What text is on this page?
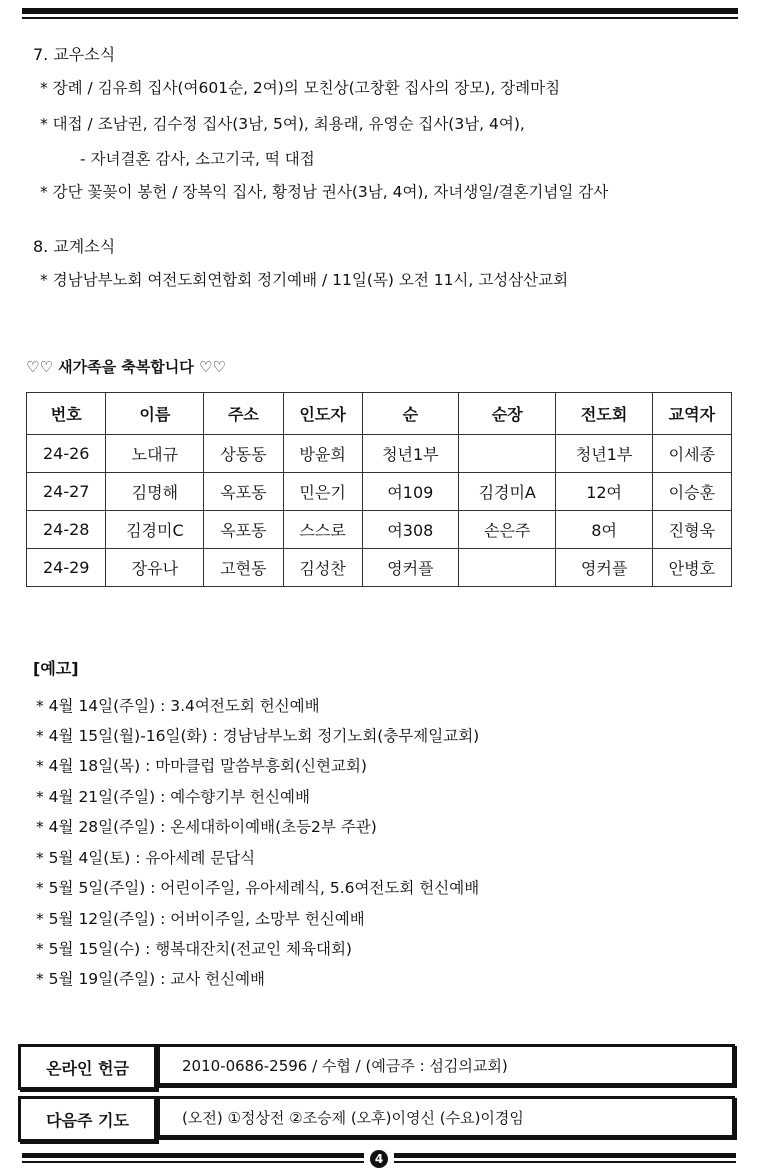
7. 교우소식
* 장례 / 김유희 집사(여601순, 2여)의 모친상(고창환 집사의 장모), 장례마침
* 대접 / 조남권, 김수정 집사(3남, 5여), 최용래, 유영순 집사(3남, 4여),
- 자녀결혼 감사, 소고기국, 떡 대접
* 강단 꽃꽂이 봉헌 / 장복익 집사, 황정남 권사(3남, 4여), 자녀생일/결혼기념일 감사
8. 교계소식
* 경남남부노회 여전도회연합회 정기예배 / 11일(목) 오전 11시, 고성삼산교회
♡♡ 새가족을 축복합니다 ♡♡
번호	이름	주소	인도자	순	순장	전도회	교역자
24-26	노대규	상동동	방윤희	청년1부		청년1부	이세종
24-27	김명해	옥포동	민은기	여109	김경미A	12여	이승훈
24-28	김경미C	옥포동	스스로	여308	손은주	8여	진형욱
24-29	장유나	고현동	김성찬	영커플		영커플	안병호
[예고]
* 4월 14일(주일) : 3.4여전도회 헌신예배
* 4월 15일(월)-16일(화) : 경남남부노회 정기노회(충무제일교회)
* 4월 18일(목) : 마마클럽 말씀부흥회(신현교회)
* 4월 21일(주일) : 예수향기부 헌신예배
* 4월 28일(주일) : 온세대하이예배(초등2부 주관)
* 5월 4일(토) : 유아세례 문답식
* 5월 5일(주일) : 어린이주일, 유아세례식, 5.6여전도회 헌신예배
* 5월 12일(주일) : 어버이주일, 소망부 헌신예배
* 5월 15일(수) : 행복대잔치(전교인 체육대회)
* 5월 19일(주일) : 교사 헌신예배
온라인 헌금	2010-0686-2596 / 수협 / (예금주 : 섬김의교회)
다음주 기도	(오전) ①정상전 ②조승제 (오후)이영신 (수요)이경임
4
